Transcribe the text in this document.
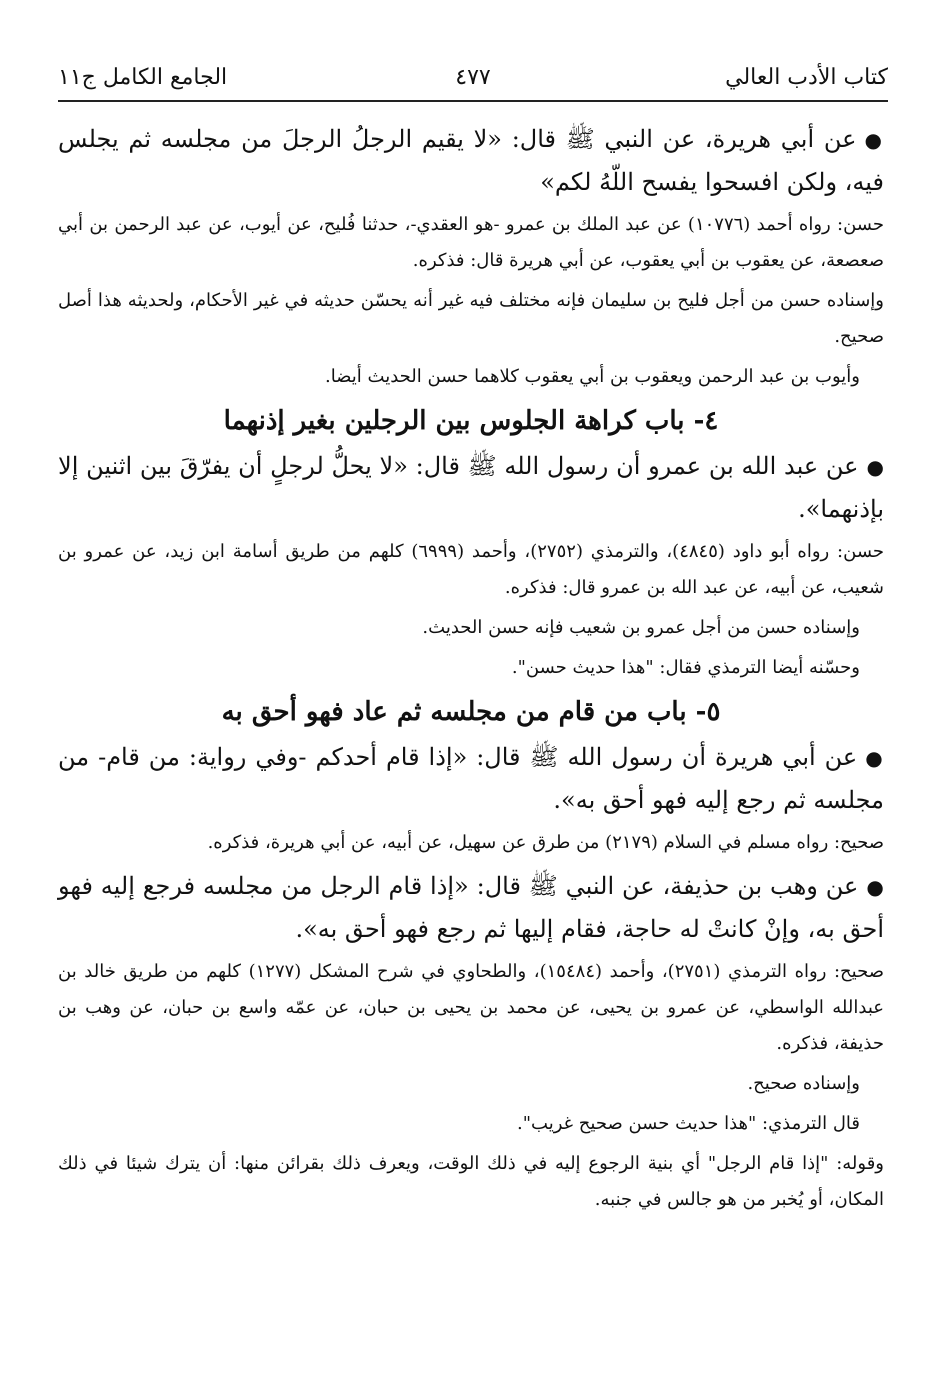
كتاب الأدب العالي
٤٧٧
الجامع الكامل ج١١

●عن أبي هريرة، عن النبي ﷺ قال: «لا يقيم الرجلُ الرجلَ من مجلسه ثم يجلس فيه، ولكن افسحوا يفسح اللّهُ لكم»

حسن: رواه أحمد (١٠٧٧٦) عن عبد الملك بن عمرو -هو العقدي-، حدثنا فُليح، عن أيوب، عن عبد الرحمن بن أبي صعصعة، عن يعقوب بن أبي يعقوب، عن أبي هريرة قال: فذكره.

وإسناده حسن من أجل فليح بن سليمان فإنه مختلف فيه غير أنه يحسّن حديثه في غير الأحكام، ولحديثه هذا أصل صحيح.

وأيوب بن عبد الرحمن ويعقوب بن أبي يعقوب كلاهما حسن الحديث أيضا.

٤- باب كراهة الجلوس بين الرجلين بغير إذنهما

●عن عبد الله بن عمرو أن رسول الله ﷺ قال: «لا يحلُّ لرجلٍ أن يفرّقَ بين اثنين إلا بإذنهما».

حسن: رواه أبو داود (٤٨٤٥)، والترمذي (٢٧٥٢)، وأحمد (٦٩٩٩) كلهم من طريق أسامة ابن زيد، عن عمرو بن شعيب، عن أبيه، عن عبد الله بن عمرو قال: فذكره.

وإسناده حسن من أجل عمرو بن شعيب فإنه حسن الحديث.

وحسّنه أيضا الترمذي فقال: "هذا حديث حسن".

٥- باب من قام من مجلسه ثم عاد فهو أحق به

●عن أبي هريرة أن رسول الله ﷺ قال: «إذا قام أحدكم -وفي رواية: من قام- من مجلسه ثم رجع إليه فهو أحق به».

صحيح: رواه مسلم في السلام (٢١٧٩) من طرق عن سهيل، عن أبيه، عن أبي هريرة، فذكره.

●عن وهب بن حذيفة، عن النبي ﷺ قال: «إذا قام الرجل من مجلسه فرجع إليه فهو أحق به، وإنْ كانتْ له حاجة، فقام إليها ثم رجع فهو أحق به».

صحيح: رواه الترمذي (٢٧٥١)، وأحمد (١٥٤٨٤)، والطحاوي في شرح المشكل (١٢٧٧) كلهم من طريق خالد بن عبدالله الواسطي، عن عمرو بن يحيى، عن محمد بن يحيى بن حبان، عن عمّه واسع بن حبان، عن وهب بن حذيفة، فذكره.

وإسناده صحيح.

قال الترمذي: "هذا حديث حسن صحيح غريب".

وقوله: "إذا قام الرجل" أي بنية الرجوع إليه في ذلك الوقت، ويعرف ذلك بقرائن منها: أن يترك شيئا في ذلك المكان، أو يُخبر من هو جالس في جنبه.
